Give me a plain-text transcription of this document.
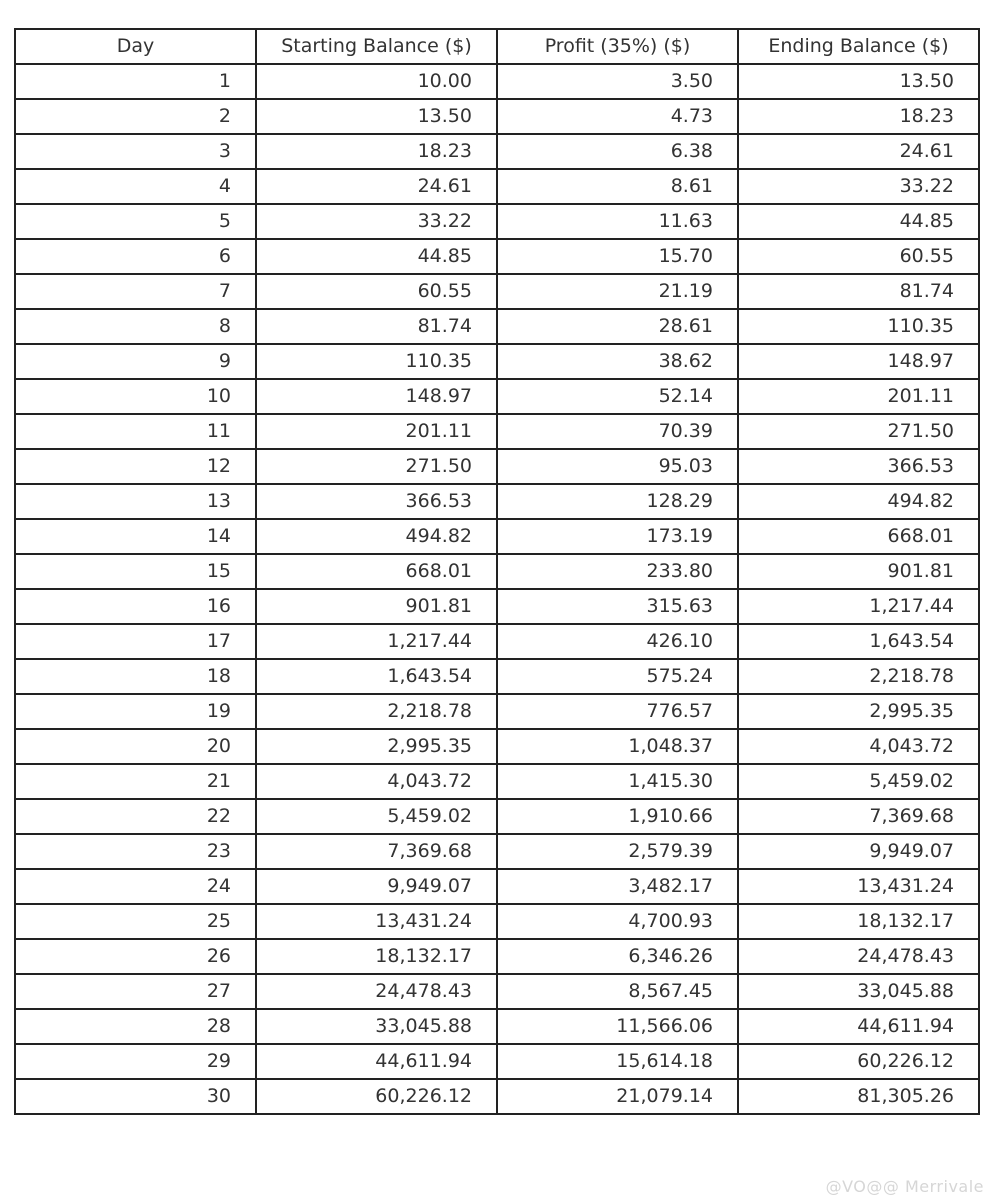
Day	Starting Balance ($)	Profit (35%) ($)	Ending Balance ($)
1	10.00	3.50	13.50
2	13.50	4.73	18.23
3	18.23	6.38	24.61
4	24.61	8.61	33.22
5	33.22	11.63	44.85
6	44.85	15.70	60.55
7	60.55	21.19	81.74
8	81.74	28.61	110.35
9	110.35	38.62	148.97
10	148.97	52.14	201.11
11	201.11	70.39	271.50
12	271.50	95.03	366.53
13	366.53	128.29	494.82
14	494.82	173.19	668.01
15	668.01	233.80	901.81
16	901.81	315.63	1,217.44
17	1,217.44	426.10	1,643.54
18	1,643.54	575.24	2,218.78
19	2,218.78	776.57	2,995.35
20	2,995.35	1,048.37	4,043.72
21	4,043.72	1,415.30	5,459.02
22	5,459.02	1,910.66	7,369.68
23	7,369.68	2,579.39	9,949.07
24	9,949.07	3,482.17	13,431.24
25	13,431.24	4,700.93	18,132.17
26	18,132.17	6,346.26	24,478.43
27	24,478.43	8,567.45	33,045.88
28	33,045.88	11,566.06	44,611.94
29	44,611.94	15,614.18	60,226.12
30	60,226.12	21,079.14	81,305.26
@VO@@ Merrivale
